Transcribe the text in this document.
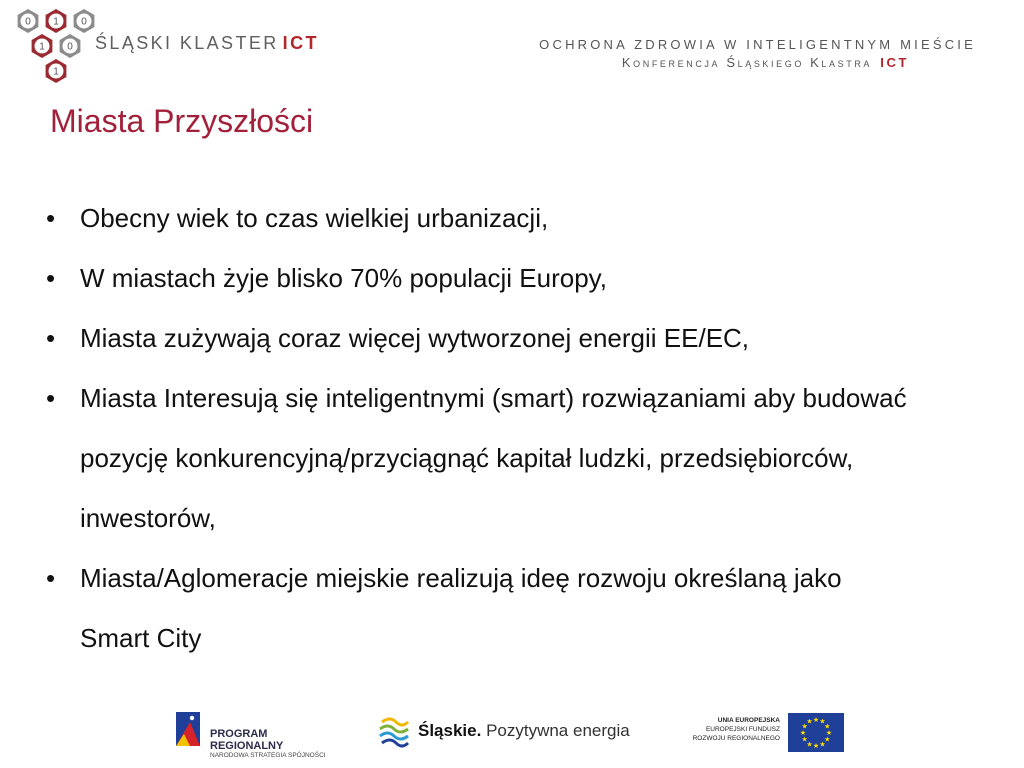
0 1 0
1 0
1
ŚLĄSKI KLASTER ICT	OCHRONA ZDROWIA W INTELIGENTNYM MIEŚCIE
Konferencja Śląskiego Klastra ICT
Miasta Przyszłości
• Obecny wiek to czas wielkiej urbanizacji,
• W miastach żyje blisko 70% populacji Europy,
• Miasta zużywają coraz więcej wytworzonej energii EE/EC,
• Miasta Interesują się inteligentnymi (smart) rozwiązaniami aby budować pozycję konkurencyjną/przyciągnąć kapitał ludzki, przedsiębiorców, inwestorów,
• Miasta/Aglomeracje miejskie realizują ideę rozwoju określaną jako Smart City
PROGRAM
REGIONALNY
NARODOWA STRATEGIA SPÓJNOŚCI
Śląskie. Pozytywna energia
UNIA EUROPEJSKA
EUROPEJSKI FUNDUSZ
ROZWOJU REGIONALNEGO
★ ★
★
★
★
★
★
★
★
★
★
★
